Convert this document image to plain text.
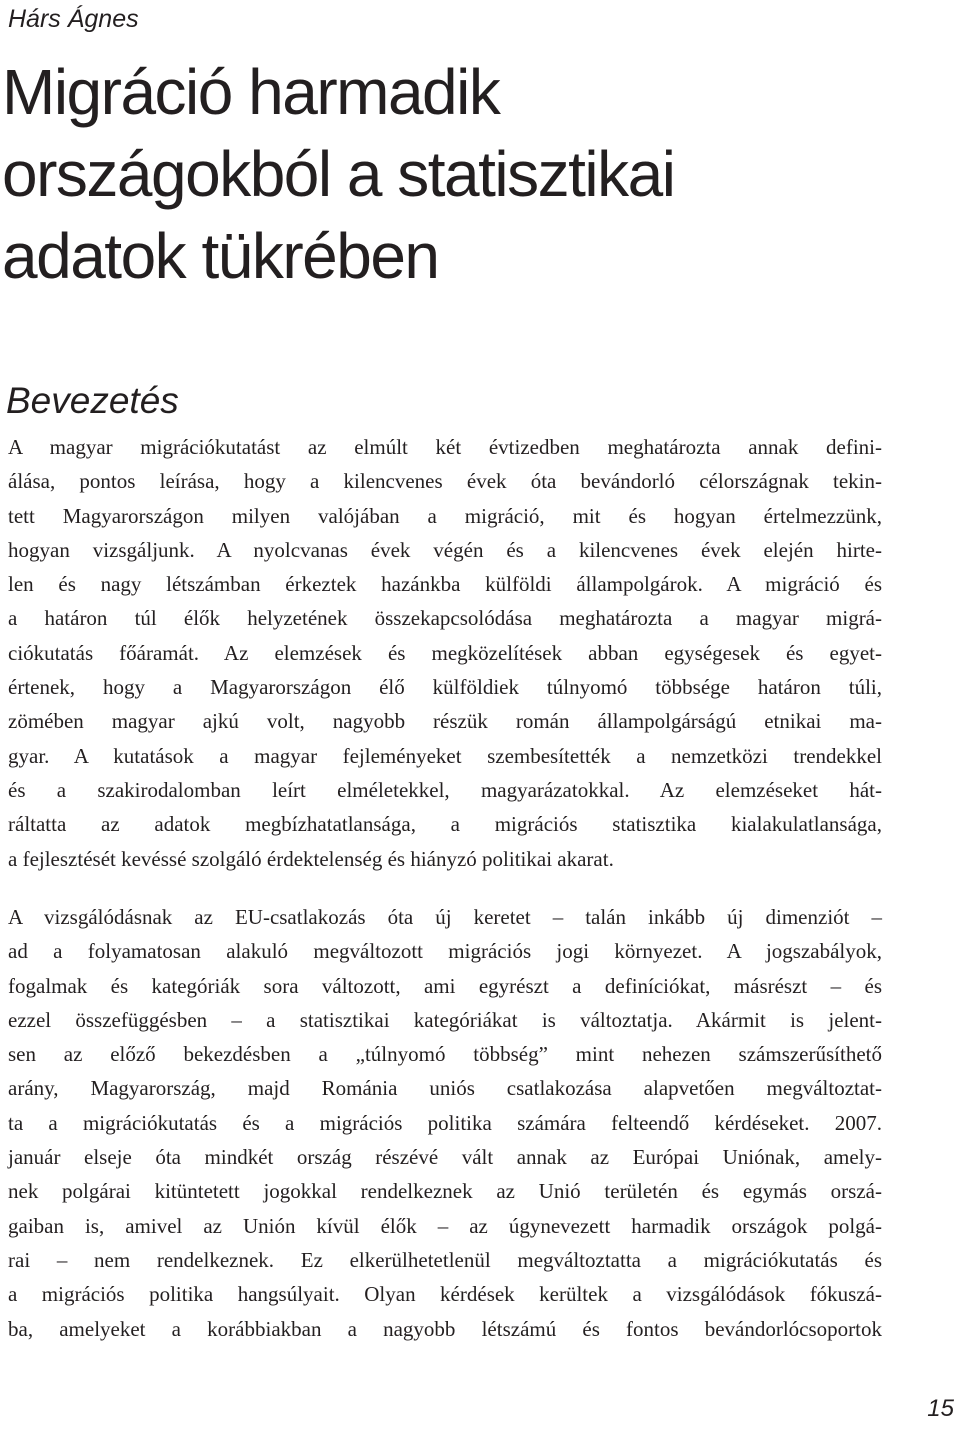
Hárs Ágnes
Migráció harmadik
országokból a statisztikai
adatok tükrében
Bevezetés
A magyar migrációkutatást az elmúlt két évtizedben meghatározta annak defini-
álása, pontos leírása, hogy a kilencvenes évek óta bevándorló célországnak tekin-
tett Magyarországon milyen valójában a migráció, mit és hogyan értelmezzünk,
hogyan vizsgáljunk. A nyolcvanas évek végén és a kilencvenes évek elején hirte-
len és nagy létszámban érkeztek hazánkba külföldi állampolgárok. A migráció és
a határon túl élők helyzetének összekapcsolódása meghatározta a magyar migrá-
ciókutatás főáramát. Az elemzések és megközelítések abban egységesek és egyet-
értenek, hogy a Magyarországon élő külföldiek túlnyomó többsége határon túli,
zömében magyar ajkú volt, nagyobb részük román állampolgárságú etnikai ma-
gyar. A kutatások a magyar fejleményeket szembesítették a nemzetközi trendekkel
és a szakirodalomban leírt elméletekkel, magyarázatokkal. Az elemzéseket hát-
ráltatta az adatok megbízhatatlansága, a migrációs statisztika kialakulatlansága,
a fejlesztését kevéssé szolgáló érdektelenség és hiányzó politikai akarat.
A vizsgálódásnak az EU-csatlakozás óta új keretet – talán inkább új dimenziót –
ad a folyamatosan alakuló megváltozott migrációs jogi környezet. A jogszabályok,
fogalmak és kategóriák sora változott, ami egyrészt a definíciókat, másrészt – és
ezzel összefüggésben – a statisztikai kategóriákat is változtatja. Akármit is jelent-
sen az előző bekezdésben a „túlnyomó többség” mint nehezen számszerűsíthető
arány, Magyarország, majd Románia uniós csatlakozása alapvetően megváltoztat-
ta a migrációkutatás és a migrációs politika számára felteendő kérdéseket. 2007.
január elseje óta mindkét ország részévé vált annak az Európai Uniónak, amely-
nek polgárai kitüntetett jogokkal rendelkeznek az Unió területén és egymás orszá-
gaiban is, amivel az Unión kívül élők – az úgynevezett harmadik országok polgá-
rai – nem rendelkeznek. Ez elkerülhetetlenül megváltoztatta a migrációkutatás és
a migrációs politika hangsúlyait. Olyan kérdések kerültek a vizsgálódások fókuszá-
ba, amelyeket a korábbiakban a nagyobb létszámú és fontos bevándorlócsoportok
15
